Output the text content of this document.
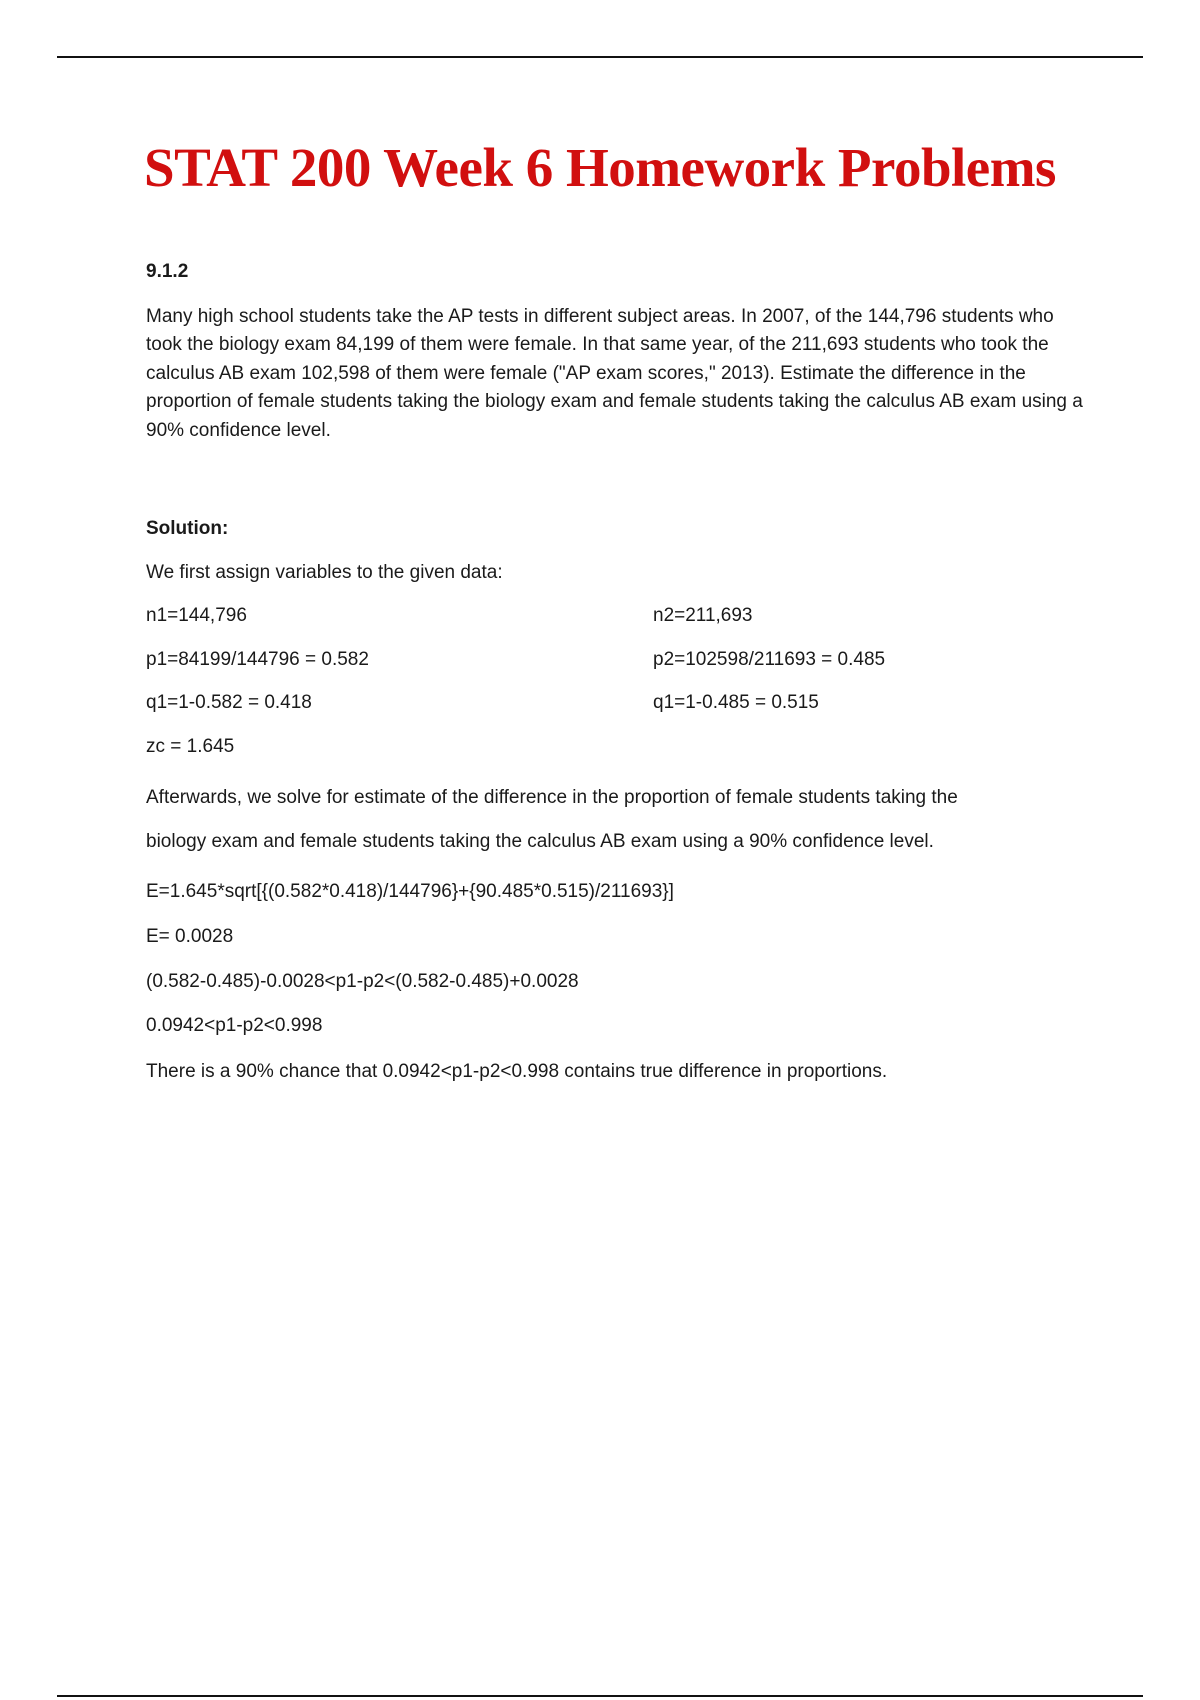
STAT 200 Week 6 Homework Problems

9.1.2

Many high school students take the AP tests in different subject areas. In 2007, of the 144,796 students who took the biology exam 84,199 of them were female. In that same year, of the 211,693 students who took the calculus AB exam 102,598 of them were female ("AP exam scores," 2013). Estimate the difference in the proportion of female students taking the biology exam and female students taking the calculus AB exam using a 90% confidence level.

Solution:

We first assign variables to the given data:

n1=144,796	n2=211,693
p1=84199/144796 = 0.582	p2=102598/211693 = 0.485
q1=1-0.582 = 0.418	q1=1-0.485 = 0.515

zc = 1.645

Afterwards, we solve for estimate of the difference in the proportion of female students taking the

biology exam and female students taking the calculus AB exam using a 90% confidence level.

E=1.645*sqrt[{(0.582*0.418)/144796}+{90.485*0.515)/211693}]

E= 0.0028

(0.582-0.485)-0.0028<p1-p2<(0.582-0.485)+0.0028

0.0942<p1-p2<0.998

There is a 90% chance that 0.0942<p1-p2<0.998 contains true difference in proportions.
